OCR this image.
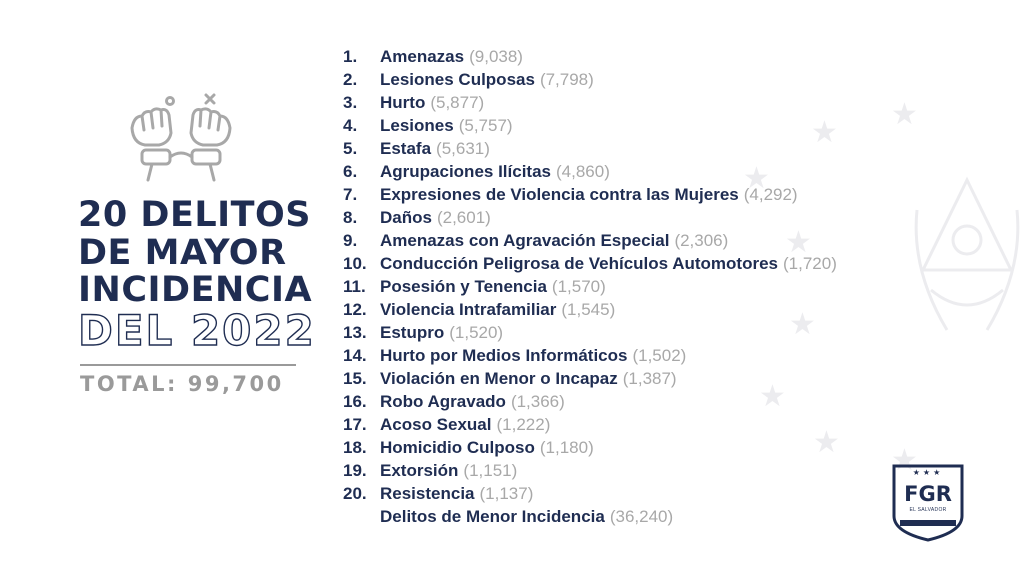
20 DELITOS
DE MAYOR
INCIDENCIA
DEL 2022
TOTAL: 99,700
1.	Amenazas (9,038)
2.	Lesiones Culposas (7,798)
3.	Hurto (5,877)
4.	Lesiones (5,757)
5.	Estafa (5,631)
6.	Agrupaciones Ilícitas (4,860)
7.	Expresiones de Violencia contra las Mujeres (4,292)
8.	Daños (2,601)
9.	Amenazas con Agravación Especial (2,306)
10. Conducción Peligrosa de Vehículos Automotores (1,720)
11. Posesión y Tenencia (1,570)
12. Violencia Intrafamiliar (1,545)
13. Estupro (1,520)
14. Hurto por Medios Informáticos (1,502)
15. Violación en Menor o Incapaz (1,387)
16. Robo Agravado (1,366)
17. Acoso Sexual (1,222)
18. Homicidio Culposo (1,180)
19. Extorsión (1,151)
20. Resistencia (1,137)
Delitos de Menor Incidencia (36,240)
★
★
★
★
★
★
★
★
★★★
FGR
EL SALVADOR
